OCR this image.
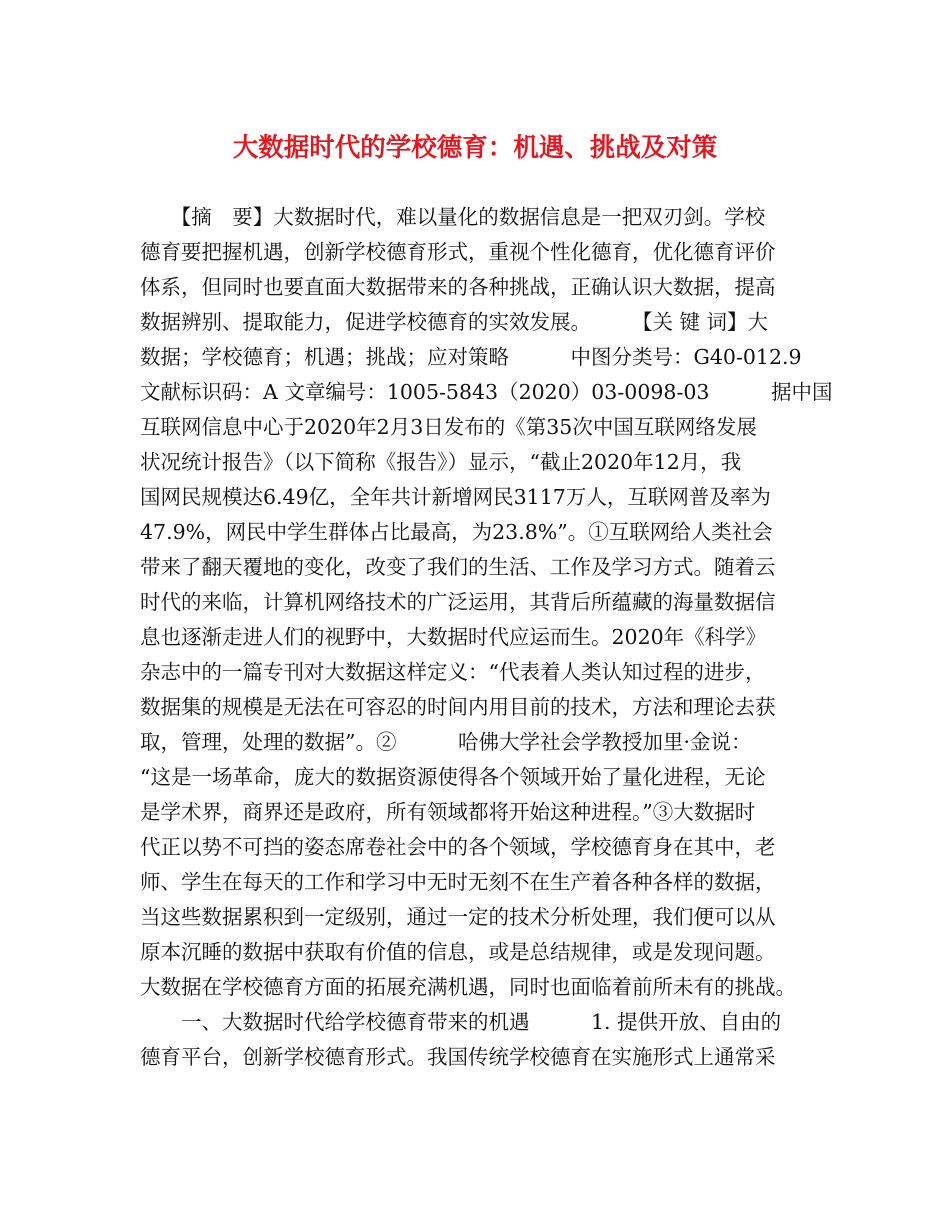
大数据时代的学校德育：机遇、挑战及对策
　　【摘　要】大数据时代，难以量化的数据信息是一把双刃剑。学校
德育要把握机遇，创新学校德育形式，重视个性化德育，优化德育评价
体系，但同时也要直面大数据带来的各种挑战，正确认识大数据，提高
数据辨别、提取能力，促进学校德育的实效发展。　　　【关 键 词】大
数据；学校德育；机遇；挑战；应对策略　　　中图分类号：G40-012.9
文献标识码：A 文章编号：1005-5843（2020）03-0098-03　　　据中国
互联网信息中心于2020年2月3日发布的《第35次中国互联网络发展
状况统计报告》（以下简称《报告》）显示，“截止2020年12月，我
国网民规模达6.49亿，全年共计新增网民3117万人，互联网普及率为
47.9%，网民中学生群体占比最高，为23.8%”。①互联网给人类社会
带来了翻天覆地的变化，改变了我们的生活、工作及学习方式。随着云
时代的来临，计算机网络技术的广泛运用，其背后所蕴藏的海量数据信
息也逐渐走进人们的视野中，大数据时代应运而生。2020年《科学》
杂志中的一篇专刊对大数据这样定义：“代表着人类认知过程的进步，
数据集的规模是无法在可容忍的时间内用目前的技术，方法和理论去获
取，管理，处理的数据”。②　　　哈佛大学社会学教授加里·金说：
“这是一场革命，庞大的数据资源使得各个领域开始了量化进程，无论
是学术界，商界还是政府，所有领域都将开始这种进程。”③大数据时
代正以势不可挡的姿态席卷社会中的各个领域，学校德育身在其中，老
师、学生在每天的工作和学习中无时无刻不在生产着各种各样的数据，
当这些数据累积到一定级别，通过一定的技术分析处理，我们便可以从
原本沉睡的数据中获取有价值的信息，或是总结规律，或是发现问题。
大数据在学校德育方面的拓展充满机遇，同时也面临着前所未有的挑战。
　　一、大数据时代给学校德育带来的机遇　　　1. 提供开放、自由的
德育平台，创新学校德育形式。我国传统学校德育在实施形式上通常采
